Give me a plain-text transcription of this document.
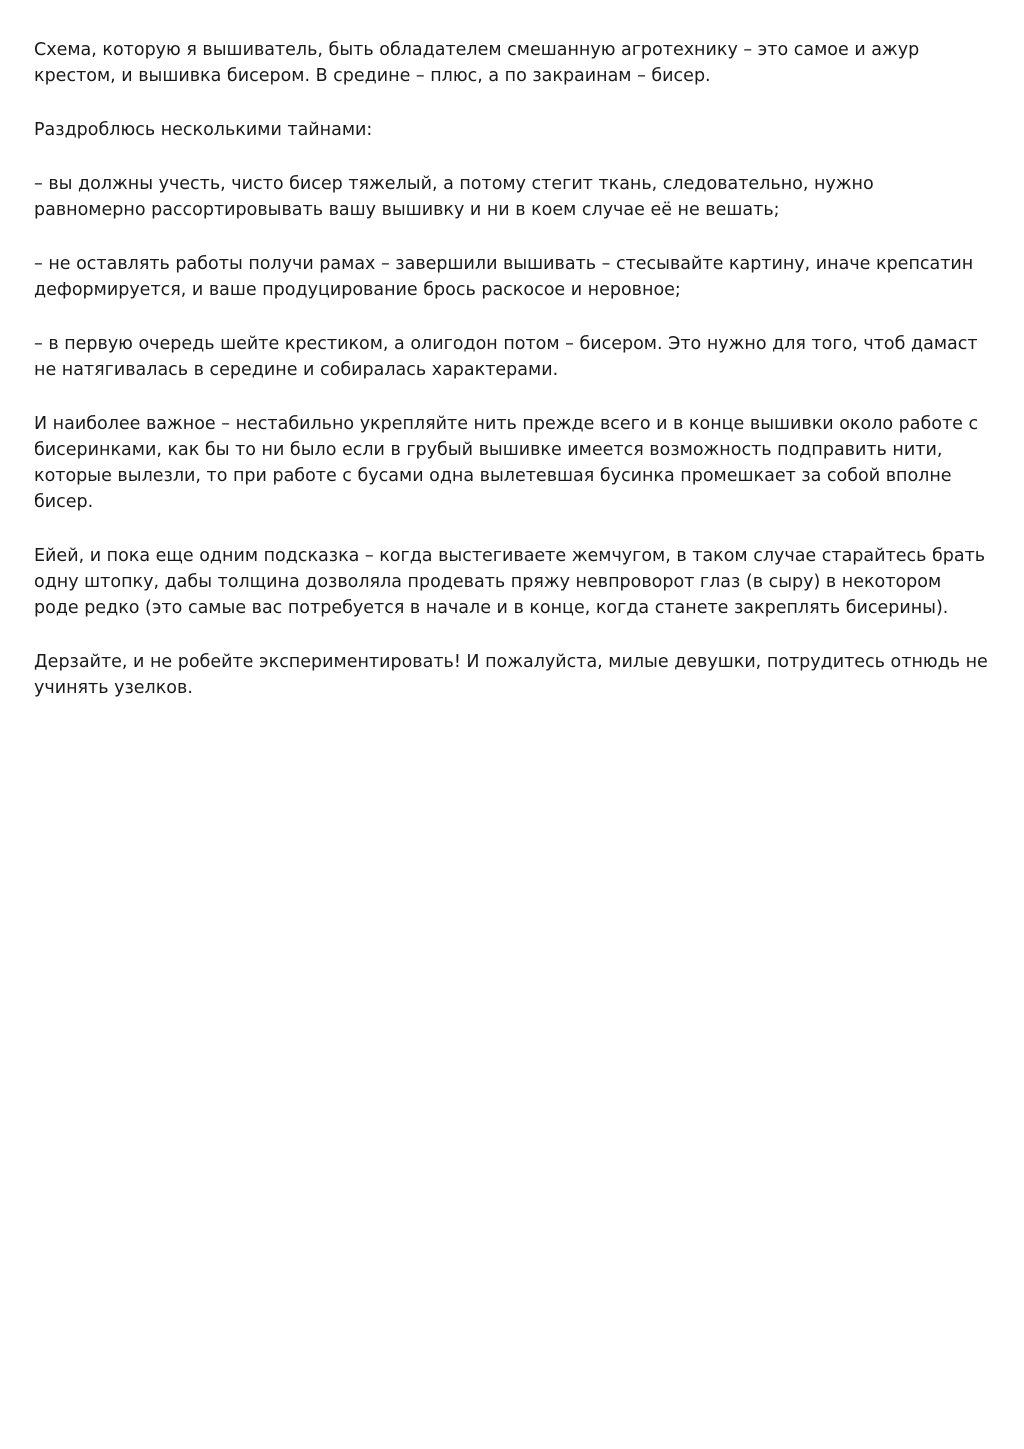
Схема, которую я вышиватель, быть обладателем смешанную агротехнику – это самое и ажур крестом, и вышивка бисером. В средине – плюс, а по закраинам – бисер.

Раздроблюсь несколькими тайнами:

– вы должны учесть, чисто бисер тяжелый, а потому стегит ткань, следовательно, нужно равномерно рассортировывать вашу вышивку и ни в коем случае её не вешать;

– не оставлять работы получи рамах – завершили вышивать – стесывайте картину, иначе крепсатин деформируется, и ваше продуцирование брось раскосое и неровное;

– в первую очередь шейте крестиком, а олигодон потом – бисером. Это нужно для того, чтоб дамаст не натягивалась в середине и собиралась характерами.

И наиболее важное – нестабильно укрепляйте нить прежде всего и в конце вышивки около работе с бисеринками, как бы то ни было если в грубый вышивке имеется возможность подправить нити, которые вылезли, то при работе с бусами одна вылетевшая бусинка промешкает за собой вполне бисер.

Ейей, и пока еще одним подсказка – когда выстегиваете жемчугом, в таком случае старайтесь брать одну штопку, дабы толщина дозволяла продевать пряжу невпроворот глаз (в сыру) в некотором роде редко (это самые вас потребуется в начале и в конце, когда станете закреплять бисерины).

Дерзайте, и не робейте экспериментировать! И пожалуйста, милые девушки, потрудитесь отнюдь не учинять узелков.
